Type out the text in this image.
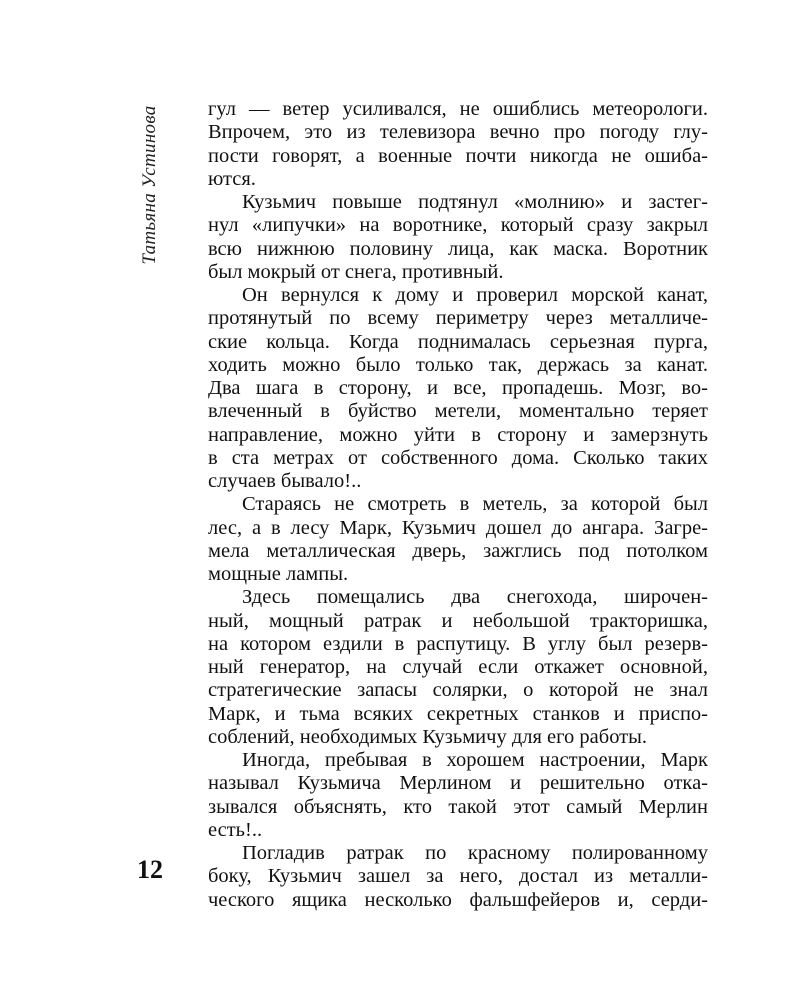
Татьяна Устинова
12
гул — ветер усиливался, не ошиблись метеорологи.
Впрочем, это из телевизора вечно про погоду глу-
пости говорят, а военные почти никогда не ошиба-
ются.
Кузьмич повыше подтянул «молнию» и застег-
нул «липучки» на воротнике, который сразу закрыл
всю нижнюю половину лица, как маска. Воротник
был мокрый от снега, противный.
Он вернулся к дому и проверил морской канат,
протянутый по всему периметру через металличе-
ские кольца. Когда поднималась серьезная пурга,
ходить можно было только так, держась за канат.
Два шага в сторону, и все, пропадешь. Мозг, во-
влеченный в буйство метели, моментально теряет
направление, можно уйти в сторону и замерзнуть
в ста метрах от собственного дома. Сколько таких
случаев бывало!..
Стараясь не смотреть в метель, за которой был
лес, а в лесу Марк, Кузьмич дошел до ангара. Загре-
мела металлическая дверь, зажглись под потолком
мощные лампы.
Здесь помещались два снегохода, широчен-
ный, мощный ратрак и небольшой тракторишка,
на котором ездили в распутицу. В углу был резерв-
ный генератор, на случай если откажет основной,
стратегические запасы солярки, о которой не знал
Марк, и тьма всяких секретных станков и приспо-
соблений, необходимых Кузьмичу для его работы.
Иногда, пребывая в хорошем настроении, Марк
называл Кузьмича Мерлином и решительно отка-
зывался объяснять, кто такой этот самый Мерлин
есть!..
Погладив ратрак по красному полированному
боку, Кузьмич зашел за него, достал из металли-
ческого ящика несколько фальшфейеров и, серди-
